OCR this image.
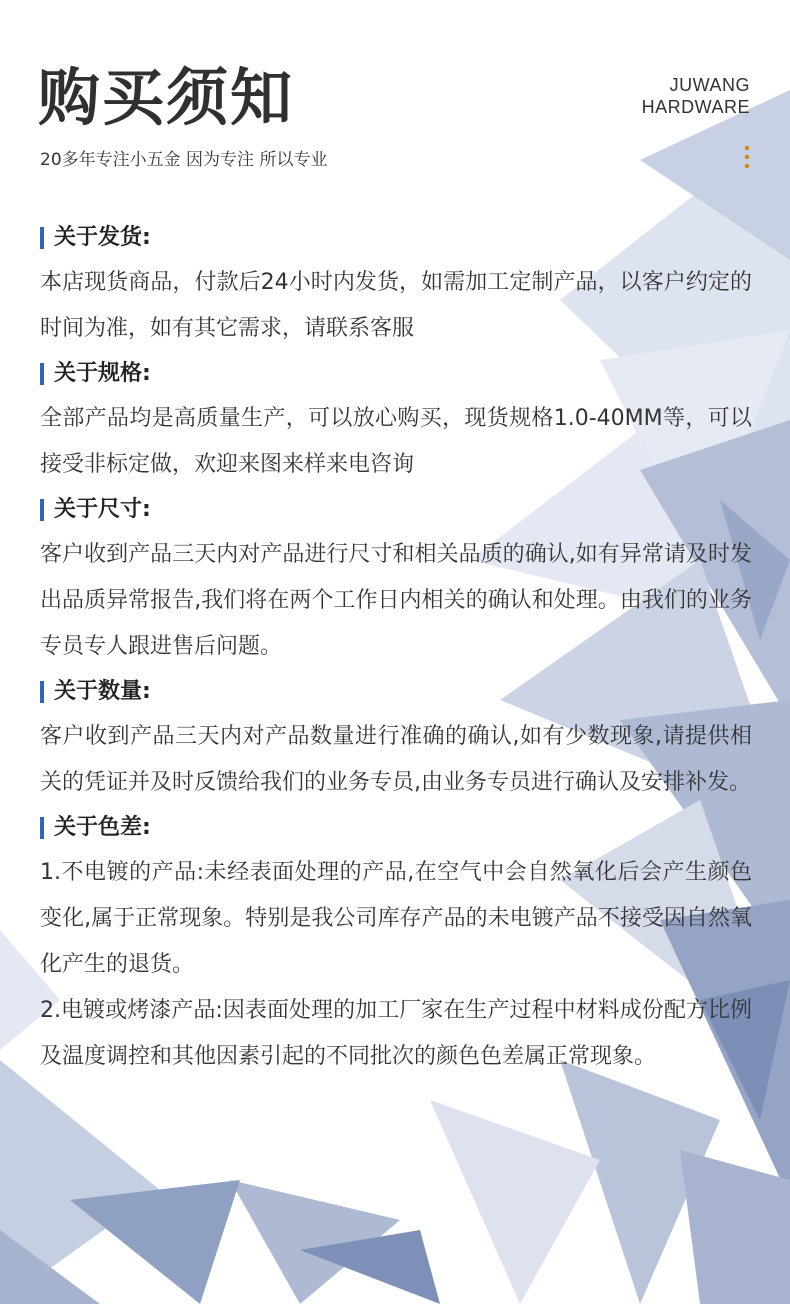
购买须知	JUWANG
HARDWARE
20多年专注小五金 因为专注 所以专业
关于发货:

本店现货商品，付款后24小时内发货，如需加工定制产品，以客户约定的时间为准，如有其它需求，请联系客服

关于规格:

全部产品均是高质量生产，可以放心购买，现货规格1.0-40MM等，可以接受非标定做，欢迎来图来样来电咨询

关于尺寸:

客户收到产品三天内对产品进行尺寸和相关品质的确认,如有异常请及时发出品质异常报告,我们将在两个工作日内相关的确认和处理。由我们的业务专员专人跟进售后问题。

关于数量:

客户收到产品三天内对产品数量进行准确的确认,如有少数现象,请提供相关的凭证并及时反馈给我们的业务专员,由业务专员进行确认及安排补发。

关于色差:

1.不电镀的产品:未经表面处理的产品,在空气中会自然氧化后会产生颜色变化,属于正常现象。特别是我公司库存产品的未电镀产品不接受因自然氧化产生的退货。

2.电镀或烤漆产品:因表面处理的加工厂家在生产过程中材料成份配方比例及温度调控和其他因素引起的不同批次的颜色色差属正常现象。
